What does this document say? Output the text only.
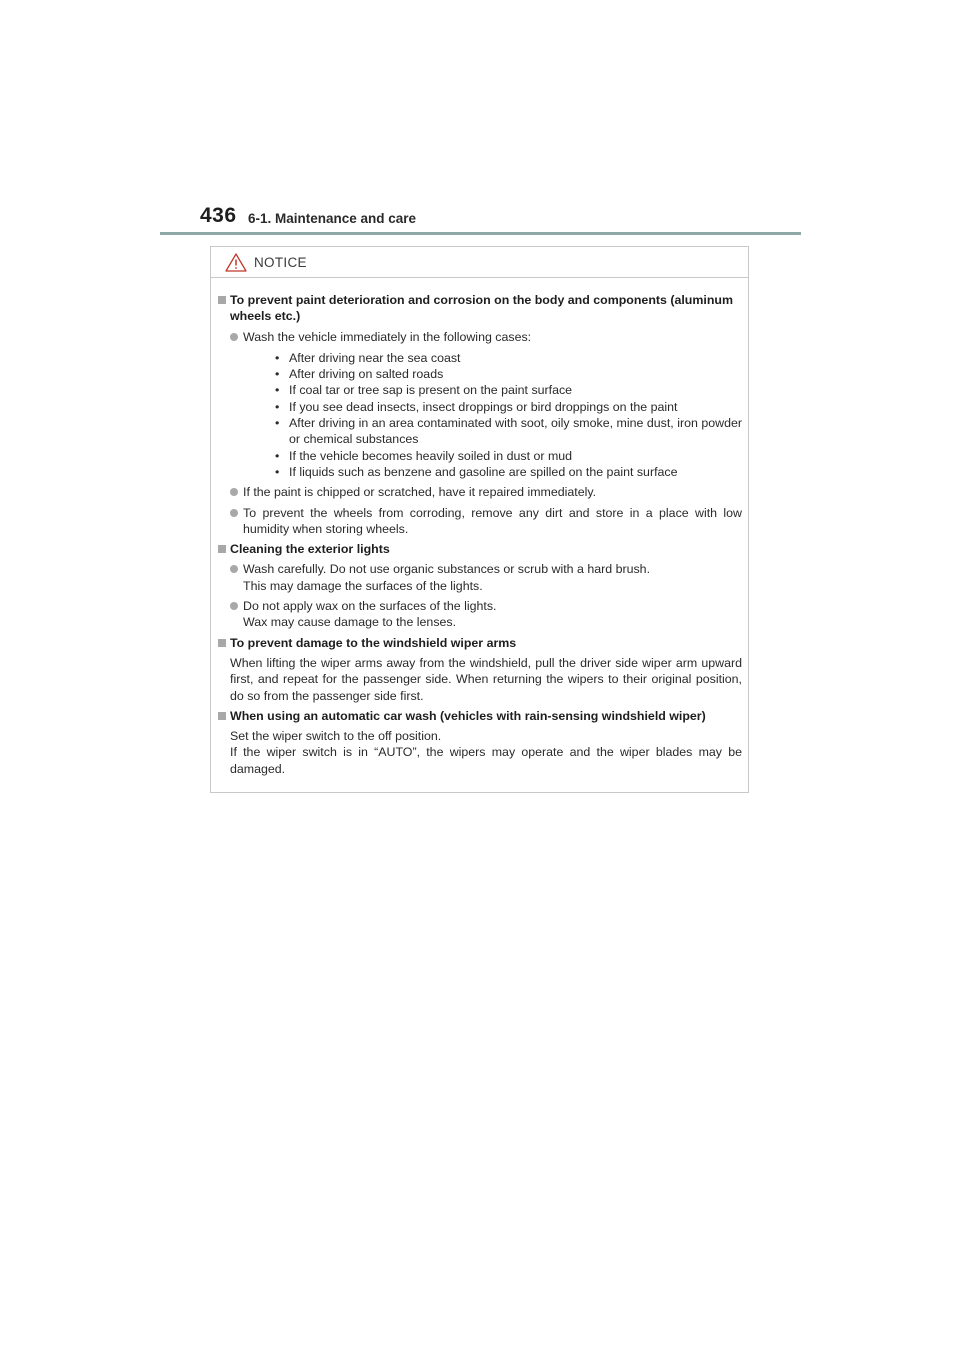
436 6-1. Maintenance and care
NOTICE
To prevent paint deterioration and corrosion on the body and components (aluminum wheels etc.)
Wash the vehicle immediately in the following cases:
• After driving near the sea coast
• After driving on salted roads
• If coal tar or tree sap is present on the paint surface
• If you see dead insects, insect droppings or bird droppings on the paint
• After driving in an area contaminated with soot, oily smoke, mine dust, iron powder or chemical substances
• If the vehicle becomes heavily soiled in dust or mud
• If liquids such as benzene and gasoline are spilled on the paint surface
If the paint is chipped or scratched, have it repaired immediately.
To prevent the wheels from corroding, remove any dirt and store in a place with low humidity when storing wheels.
Cleaning the exterior lights
Wash carefully. Do not use organic substances or scrub with a hard brush.
This may damage the surfaces of the lights.
Do not apply wax on the surfaces of the lights.
Wax may cause damage to the lenses.
To prevent damage to the windshield wiper arms
When lifting the wiper arms away from the windshield, pull the driver side wiper arm upward first, and repeat for the passenger side. When returning the wipers to their original position, do so from the passenger side first.
When using an automatic car wash (vehicles with rain-sensing windshield wiper)
Set the wiper switch to the off position.
If the wiper switch is in “AUTO”, the wipers may operate and the wiper blades may be damaged.
